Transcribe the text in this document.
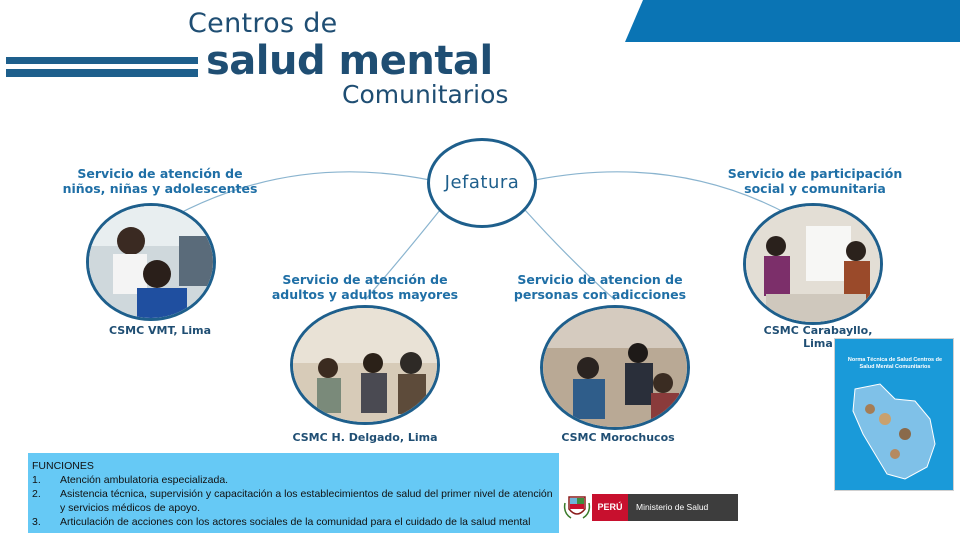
Centros de
salud mental
Comunitarios
Jefatura
Servicio de atención de
niños, niñas y adolescentes
Servicio de atención de
adultos y adultos mayores
Servicio de atencion de
personas con adicciones
Servicio de participación
social y comunitaria
CSMC VMT, Lima
CSMC H. Delgado, Lima	CSMC Morochucos
CSMC Carabayllo, Lima
FUNCIONES
1.	Atención ambulatoria especializada.
2.	Asistencia técnica, supervisión y capacitación a los establecimientos de salud del primer nivel de atención y servicios médicos de apoyo.
3.	Articulación de acciones con los actores sociales de la comunidad para el cuidado de la salud mental
Norma Técnica de Salud Centros de Salud Mental Comunitarios
PERÚ	Ministerio de Salud
